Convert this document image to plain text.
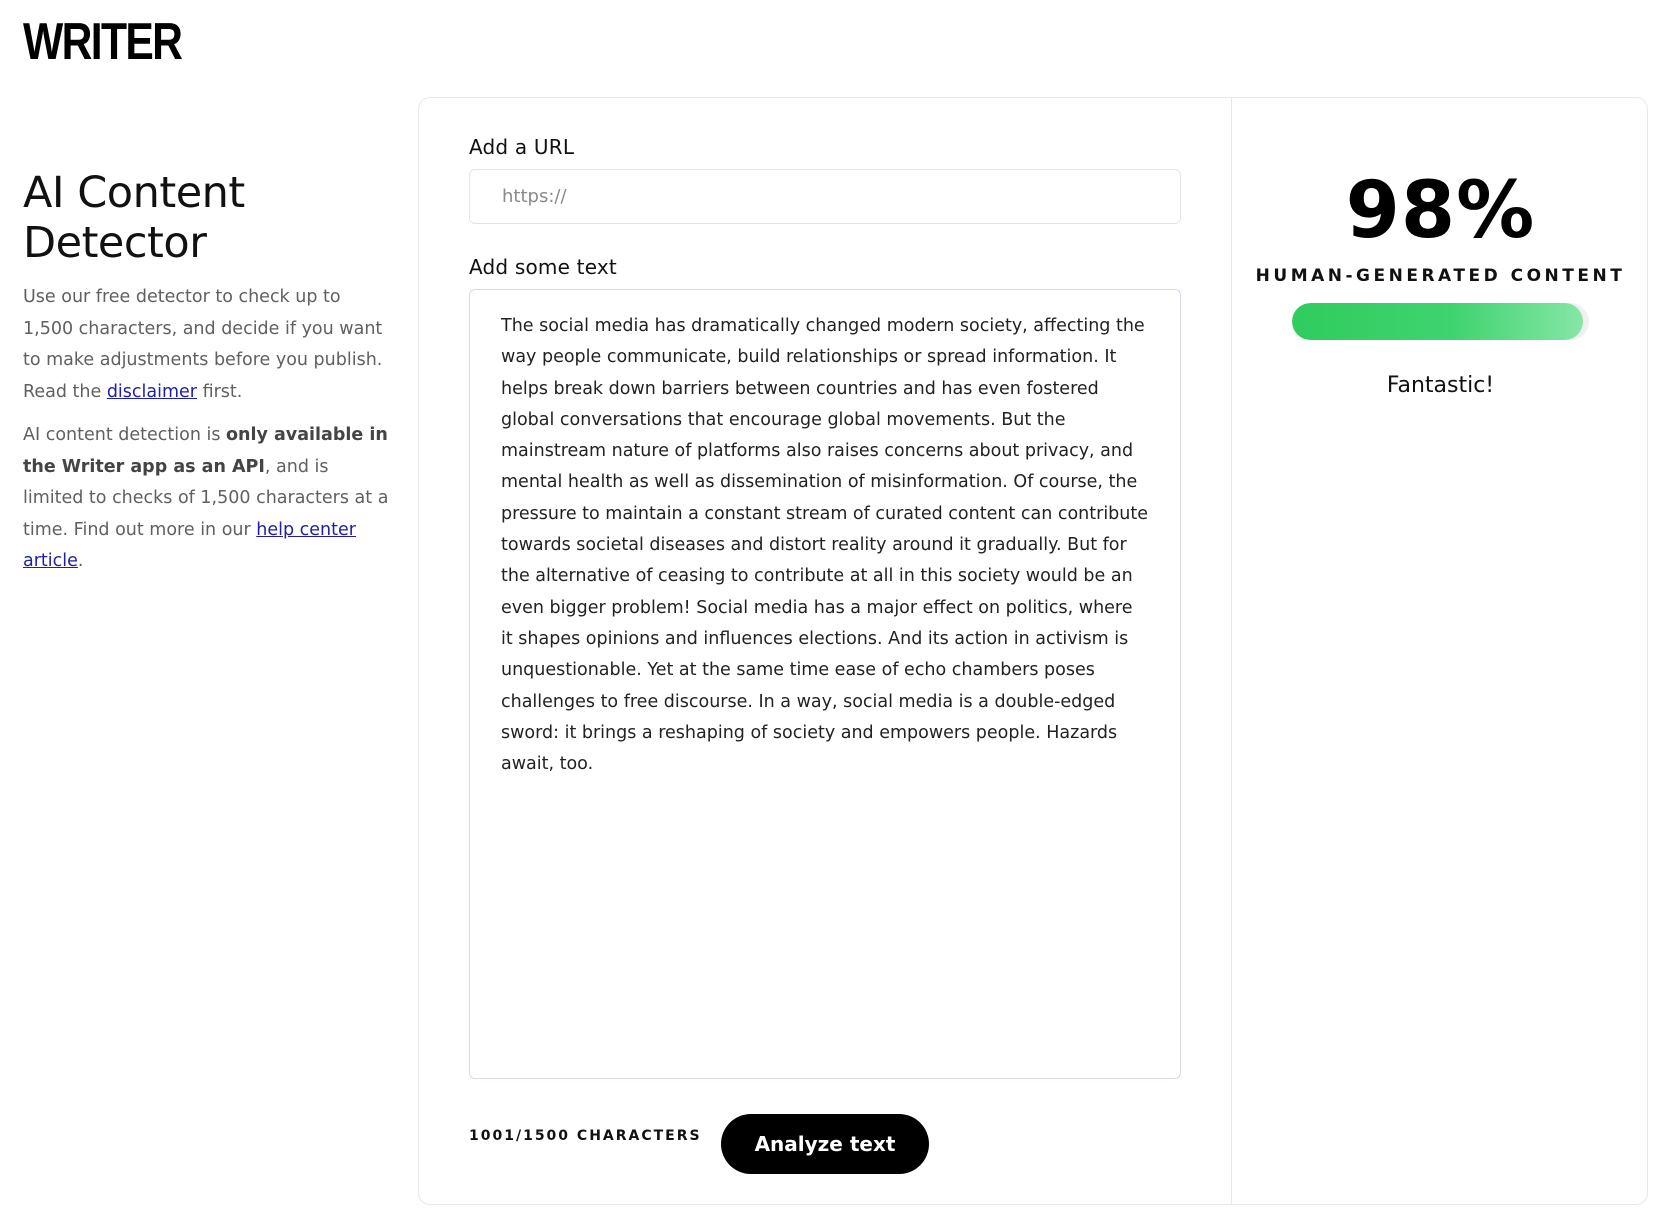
WRITER
AI Content Detector

Use our free detector to check up to 1,500 characters, and decide if you want to make adjustments before you publish. Read the disclaimer first.

AI content detection is only available in the Writer app as an API, and is limited to checks of 1,500 characters at a time. Find out more in our help center article.

Add a URL
https://
Add some text
The social media has dramatically changed modern society, affecting the way people communicate, build relationships or spread information. It helps break down barriers between countries and has even fostered global conversations that encourage global movements. But the mainstream nature of platforms also raises concerns about privacy, and mental health as well as dissemination of misinformation. Of course, the pressure to maintain a constant stream of curated content can contribute towards societal diseases and distort reality around it gradually. But for the alternative of ceasing to contribute at all in this society would be an even bigger problem! Social media has a major effect on politics, where it shapes opinions and influences elections. And its action in activism is unquestionable. Yet at the same time ease of echo chambers poses challenges to free discourse. In a way, social media is a double-edged sword: it brings a reshaping of society and empowers people. Hazards await, too.
1001/1500 CHARACTERS	Analyze text
98%
HUMAN-GENERATED CONTENT
Fantastic!
